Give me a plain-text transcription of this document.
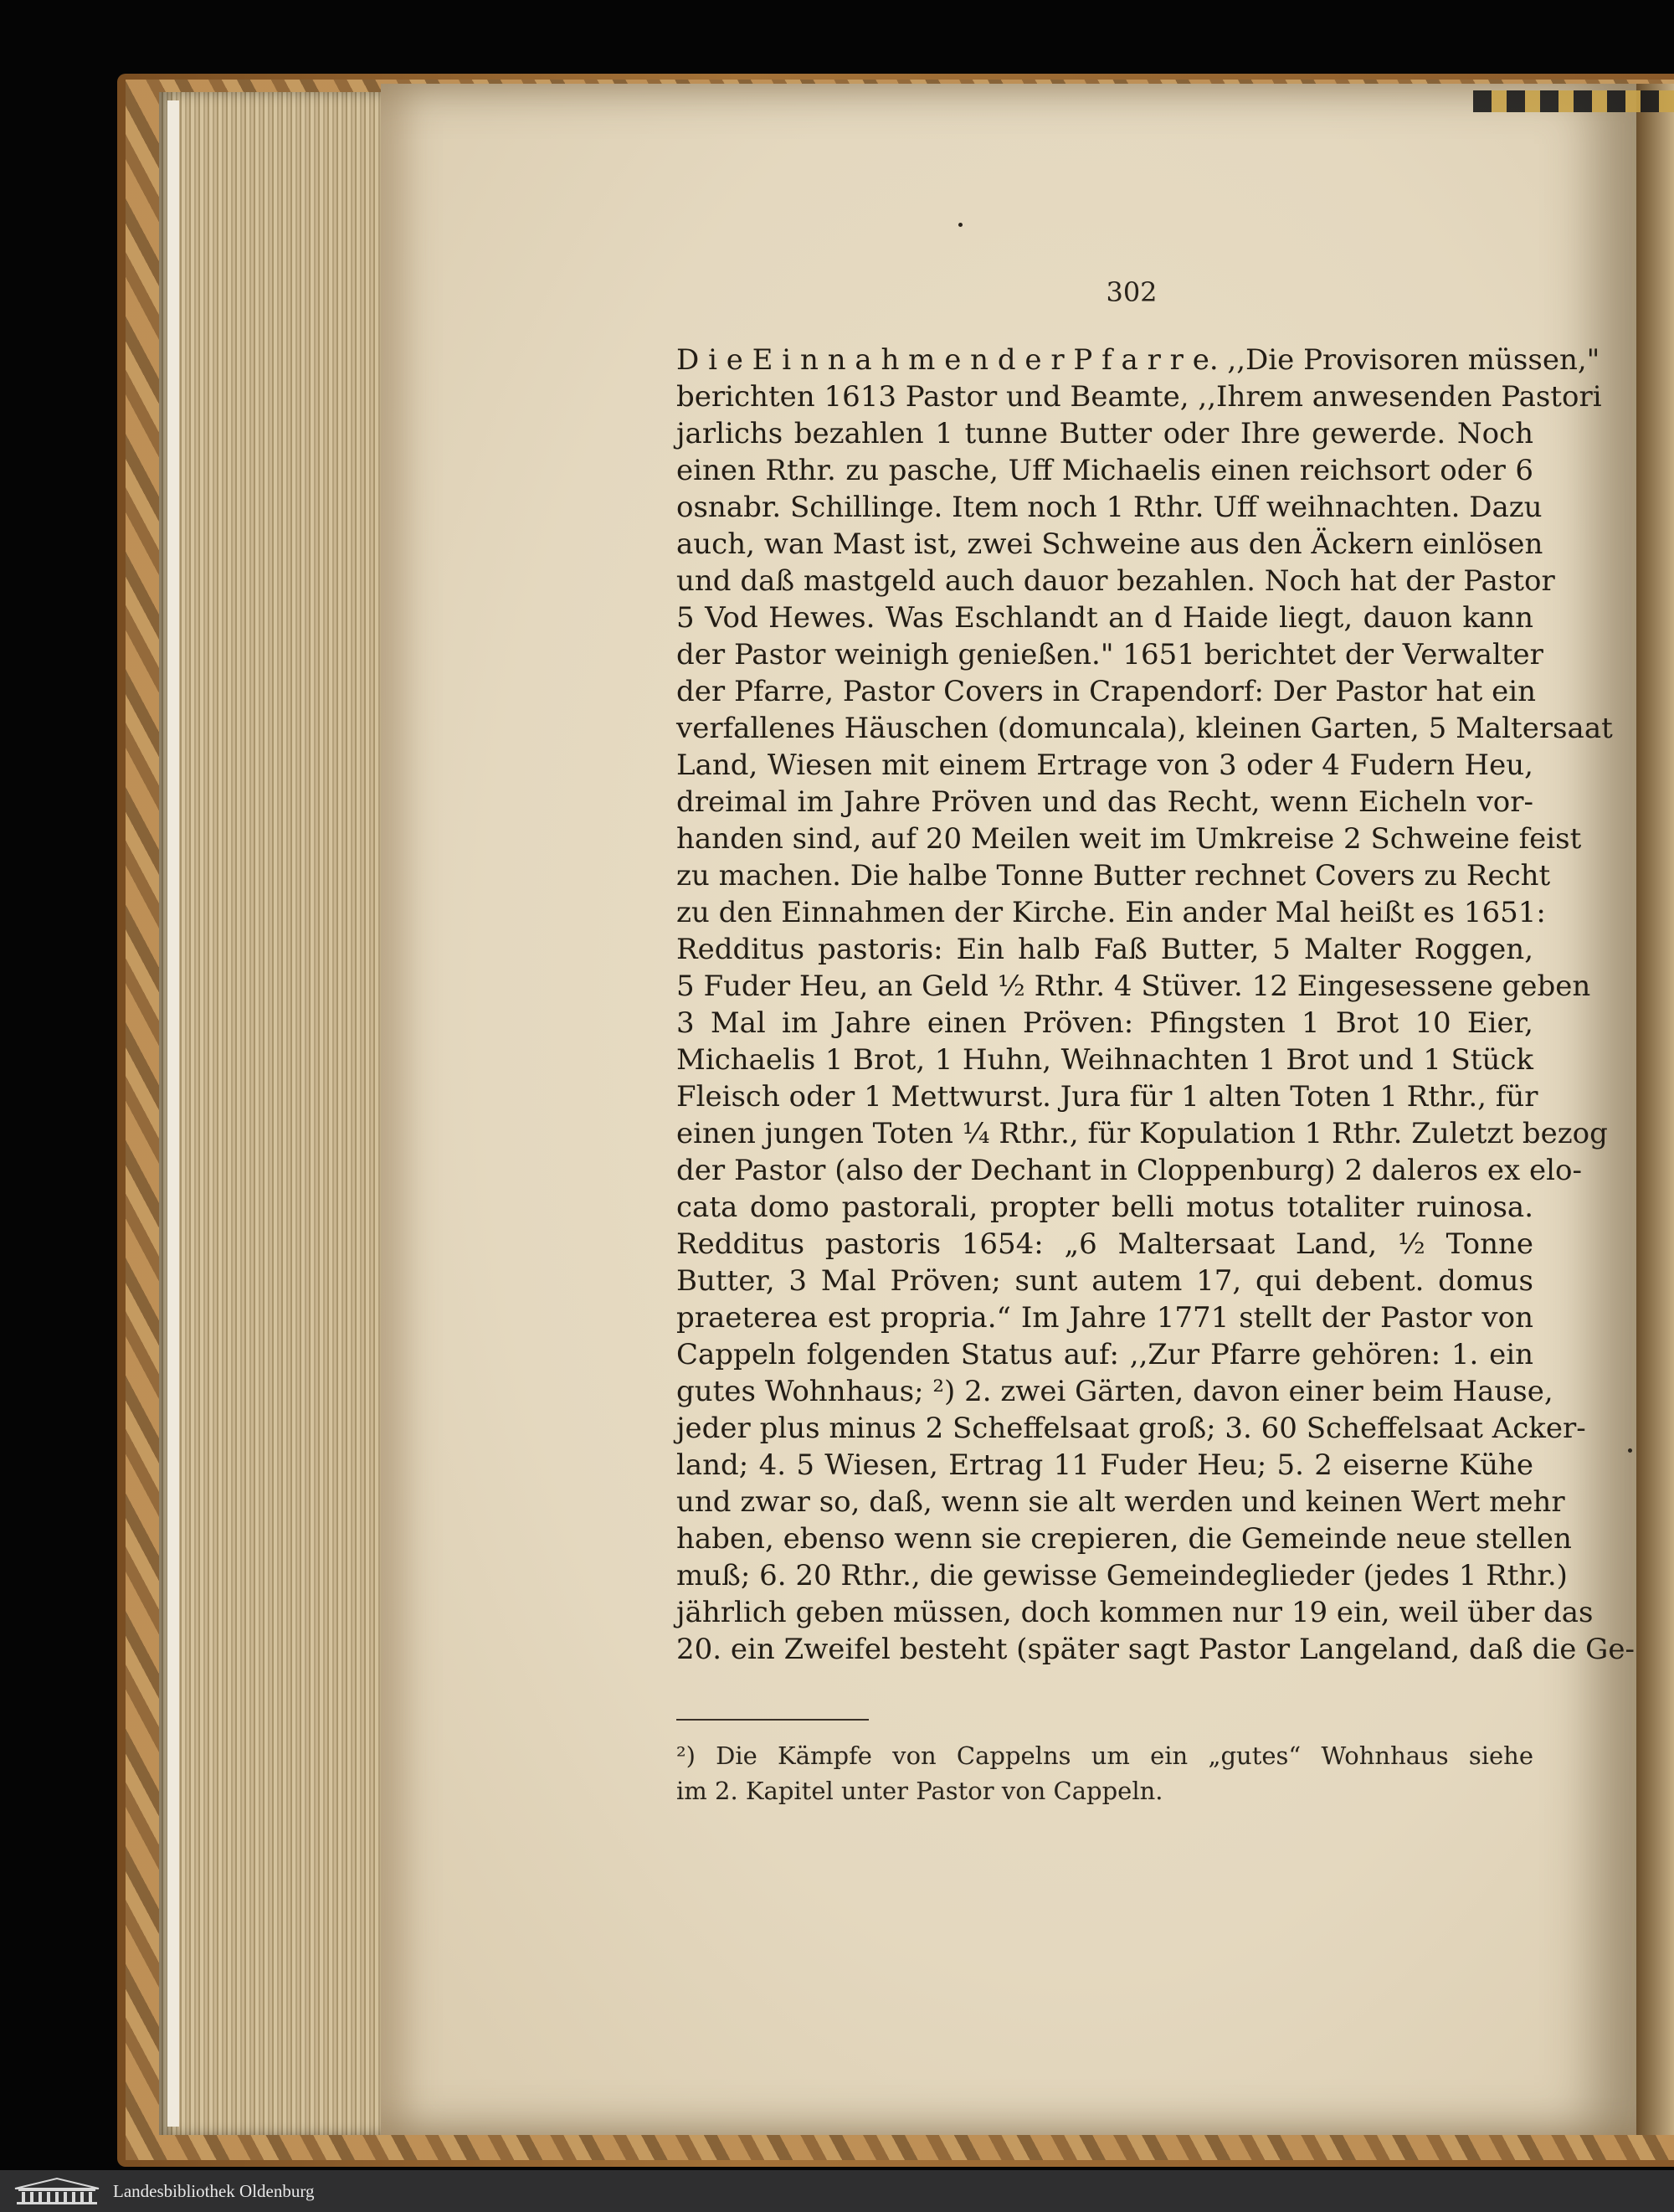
302
D i e E i n n a h m e n d e r P f a r r e. ,,Die Provisoren müssen,"
berichten 1613 Pastor und Beamte, ,,Ihrem anwesenden Pastori
jarlichs bezahlen 1 tunne Butter oder Ihre gewerde. Noch
einen Rthr. zu pasche, Uff Michaelis einen reichsort oder 6
osnabr. Schillinge. Item noch 1 Rthr. Uff weihnachten. Dazu
auch, wan Mast ist, zwei Schweine aus den Äckern einlösen
und daß mastgeld auch dauor bezahlen. Noch hat der Pastor
5 Vod Hewes. Was Eschlandt an d Haide liegt, dauon kann
der Pastor weinigh genießen." 1651 berichtet der Verwalter
der Pfarre, Pastor Covers in Crapendorf: Der Pastor hat ein
verfallenes Häuschen (domuncala), kleinen Garten, 5 Maltersaat
Land, Wiesen mit einem Ertrage von 3 oder 4 Fudern Heu,
dreimal im Jahre Pröven und das Recht, wenn Eicheln vor-
handen sind, auf 20 Meilen weit im Umkreise 2 Schweine feist
zu machen. Die halbe Tonne Butter rechnet Covers zu Recht
zu den Einnahmen der Kirche. Ein ander Mal heißt es 1651:
Redditus pastoris: Ein halb Faß Butter, 5 Malter Roggen,
5 Fuder Heu, an Geld ½ Rthr. 4 Stüver. 12 Eingesessene geben
3 Mal im Jahre einen Pröven: Pfingsten 1 Brot 10 Eier,
Michaelis 1 Brot, 1 Huhn, Weihnachten 1 Brot und 1 Stück
Fleisch oder 1 Mettwurst. Jura für 1 alten Toten 1 Rthr., für
einen jungen Toten ¼ Rthr., für Kopulation 1 Rthr. Zuletzt bezog
der Pastor (also der Dechant in Cloppenburg) 2 daleros ex elo-
cata domo pastorali, propter belli motus totaliter ruinosa.
Redditus pastoris 1654: „6 Maltersaat Land, ½ Tonne
Butter, 3 Mal Pröven; sunt autem 17, qui debent. domus
praeterea est propria.“ Im Jahre 1771 stellt der Pastor von
Cappeln folgenden Status auf: ,,Zur Pfarre gehören: 1. ein
gutes Wohnhaus; ²) 2. zwei Gärten, davon einer beim Hause,
jeder plus minus 2 Scheffelsaat groß; 3. 60 Scheffelsaat Acker-
land; 4. 5 Wiesen, Ertrag 11 Fuder Heu; 5. 2 eiserne Kühe
und zwar so, daß, wenn sie alt werden und keinen Wert mehr
haben, ebenso wenn sie crepieren, die Gemeinde neue stellen
muß; 6. 20 Rthr., die gewisse Gemeindeglieder (jedes 1 Rthr.)
jährlich geben müssen, doch kommen nur 19 ein, weil über das
20. ein Zweifel besteht (später sagt Pastor Langeland, daß die Ge-
²) Die Kämpfe von Cappelns um ein „gutes“ Wohnhaus siehe
im 2. Kapitel unter Pastor von Cappeln.
Landesbibliothek Oldenburg
